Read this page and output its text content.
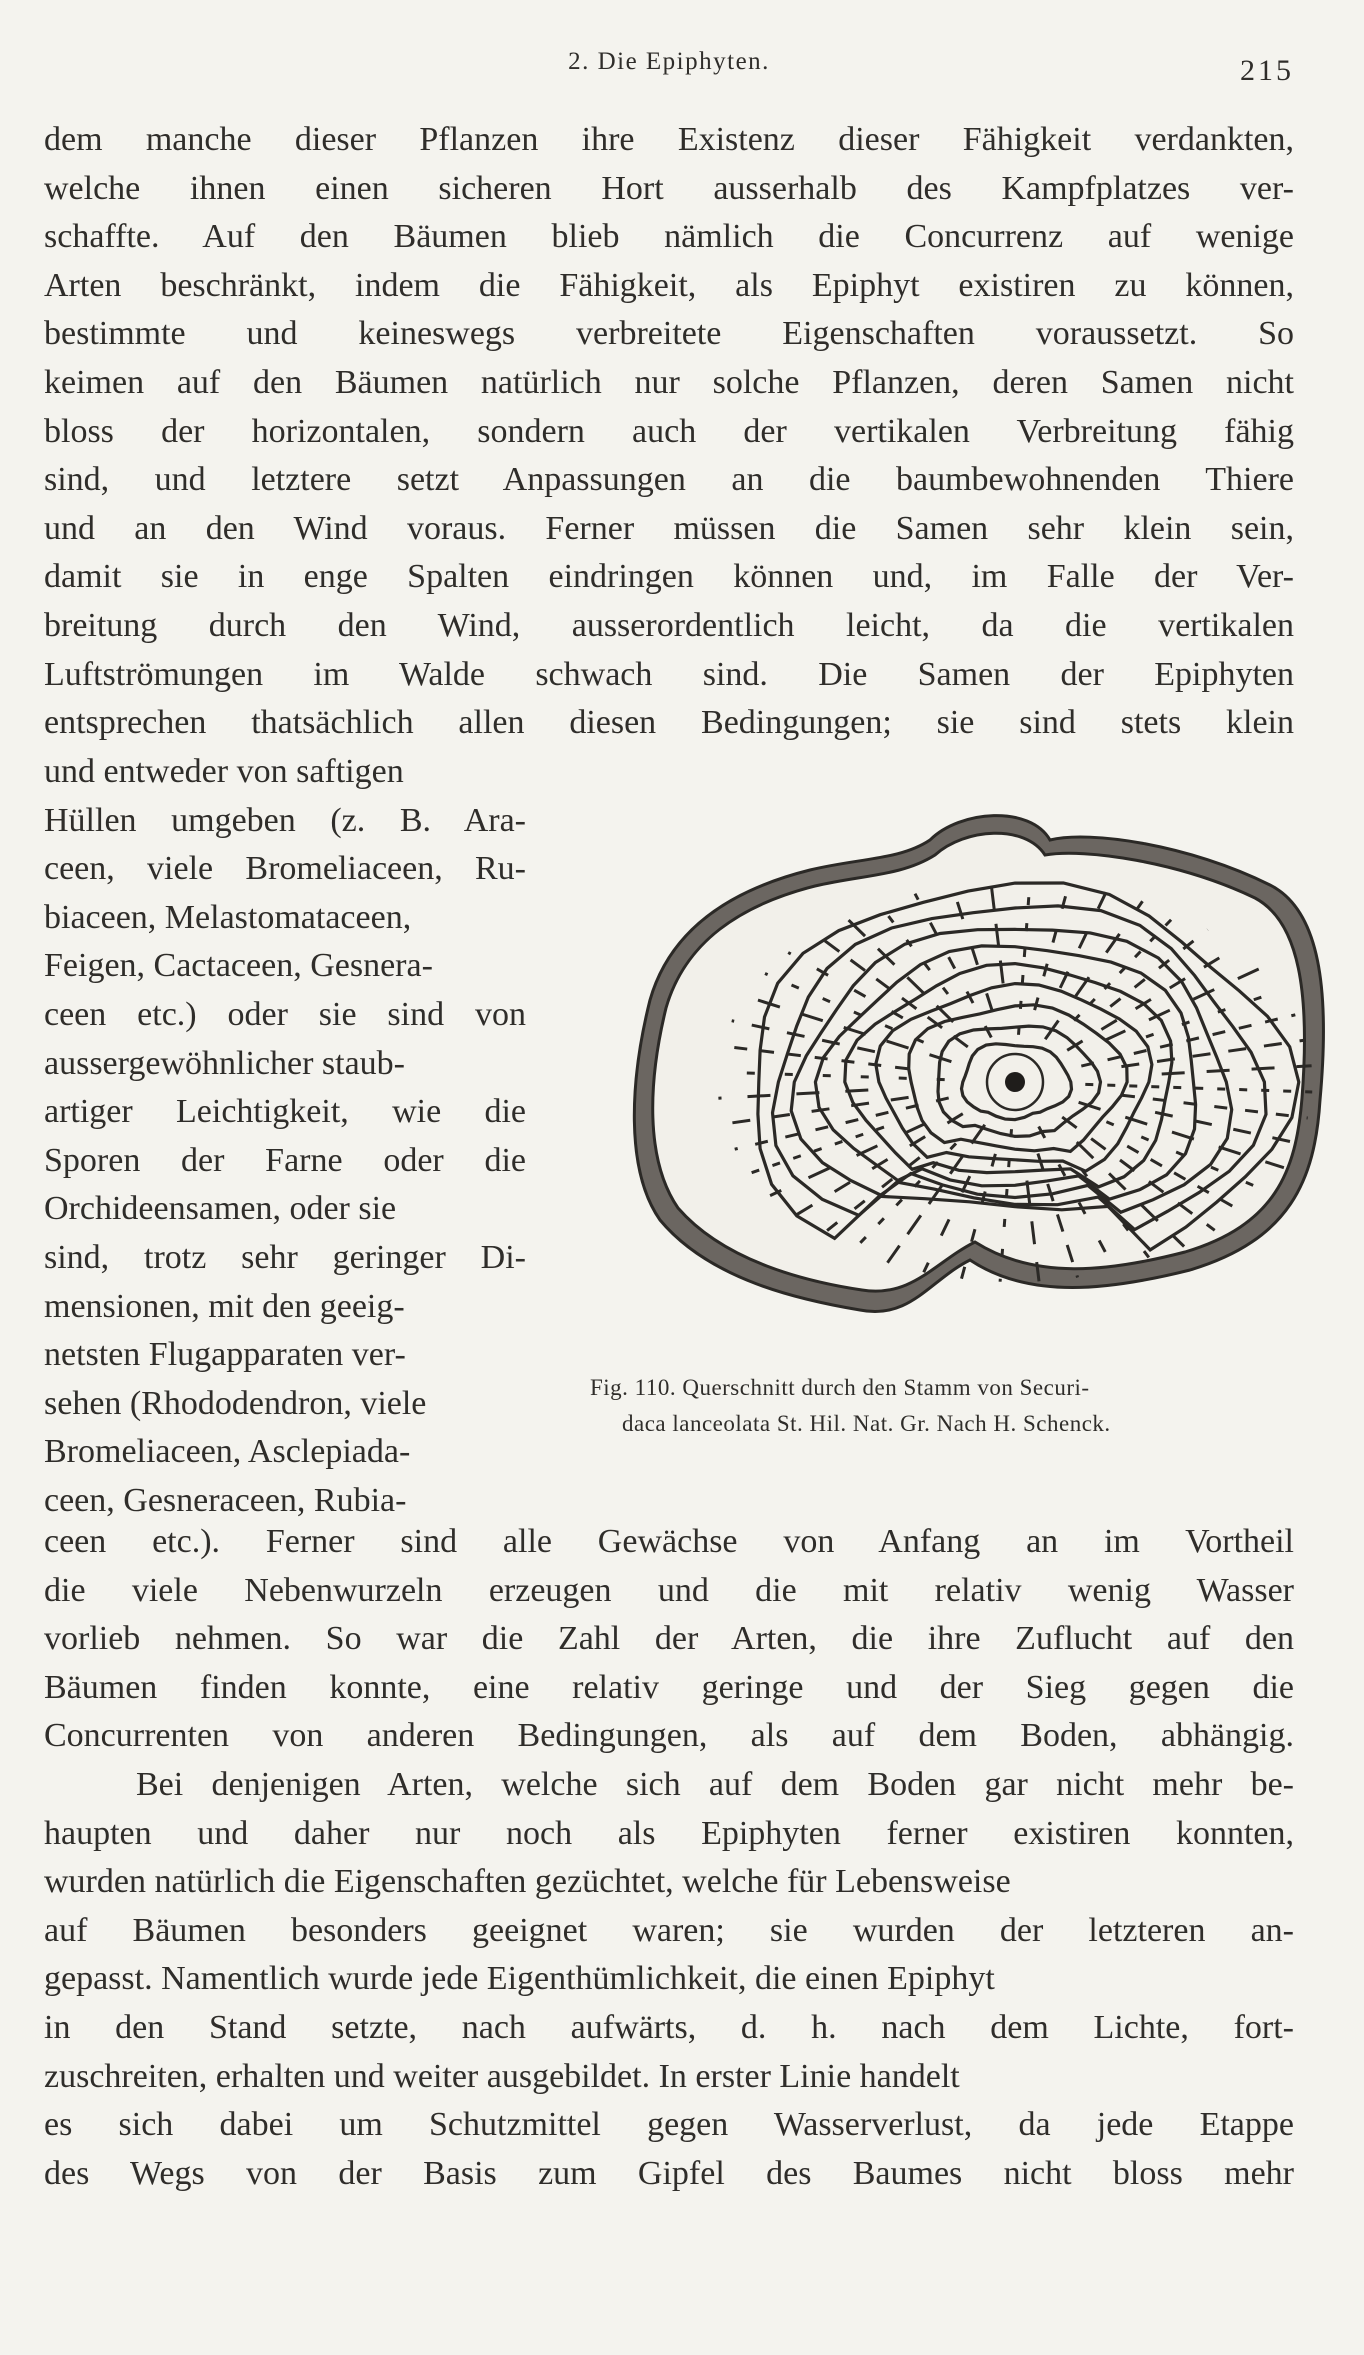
2. Die Epiphyten.	215
dem manche dieser Pflanzen ihre Existenz dieser Fähigkeit verdankten,
welche ihnen einen sicheren Hort ausserhalb des Kampfplatzes ver-
schaffte. Auf den Bäumen blieb nämlich die Concurrenz auf wenige
Arten beschränkt, indem die Fähigkeit, als Epiphyt existiren zu können,
bestimmte und keineswegs verbreitete Eigenschaften voraussetzt. So
keimen auf den Bäumen natürlich nur solche Pflanzen, deren Samen nicht
bloss der horizontalen, sondern auch der vertikalen Verbreitung fähig
sind, und letztere setzt Anpassungen an die baumbewohnenden Thiere
und an den Wind voraus. Ferner müssen die Samen sehr klein sein,
damit sie in enge Spalten eindringen können und, im Falle der Ver-
breitung durch den Wind, ausserordentlich leicht, da die vertikalen
Luftströmungen im Walde schwach sind. Die Samen der Epiphyten
entsprechen thatsächlich allen diesen Bedingungen; sie sind stets klein
und entweder von saftigen
Hüllen umgeben (z. B. Ara-
ceen, viele Bromeliaceen, Ru-
biaceen, Melastomataceen,
Feigen, Cactaceen, Gesnera-
ceen etc.) oder sie sind von
aussergewöhnlicher staub-
artiger Leichtigkeit, wie die
Sporen der Farne oder die
Orchideensamen, oder sie
sind, trotz sehr geringer Di-
mensionen, mit den geeig-
netsten Flugapparaten ver-
sehen (Rhododendron, viele
Bromeliaceen, Asclepiada-
ceen, Gesneraceen, Rubia-
Fig. 110. Querschnitt durch den Stamm von Securi-
daca lanceolata St. Hil. Nat. Gr. Nach H. Schenck.
ceen etc.). Ferner sind alle Gewächse von Anfang an im Vortheil
die viele Nebenwurzeln erzeugen und die mit relativ wenig Wasser
vorlieb nehmen. So war die Zahl der Arten, die ihre Zuflucht auf den
Bäumen finden konnte, eine relativ geringe und der Sieg gegen die
Concurrenten von anderen Bedingungen, als auf dem Boden, abhängig.
Bei denjenigen Arten, welche sich auf dem Boden gar nicht mehr be-
haupten und daher nur noch als Epiphyten ferner existiren konnten,
wurden natürlich die Eigenschaften gezüchtet, welche für Lebensweise
auf Bäumen besonders geeignet waren; sie wurden der letzteren an-
gepasst. Namentlich wurde jede Eigenthümlichkeit, die einen Epiphyt
in den Stand setzte, nach aufwärts, d. h. nach dem Lichte, fort-
zuschreiten, erhalten und weiter ausgebildet. In erster Linie handelt
es sich dabei um Schutzmittel gegen Wasserverlust, da jede Etappe
des Wegs von der Basis zum Gipfel des Baumes nicht bloss mehr
